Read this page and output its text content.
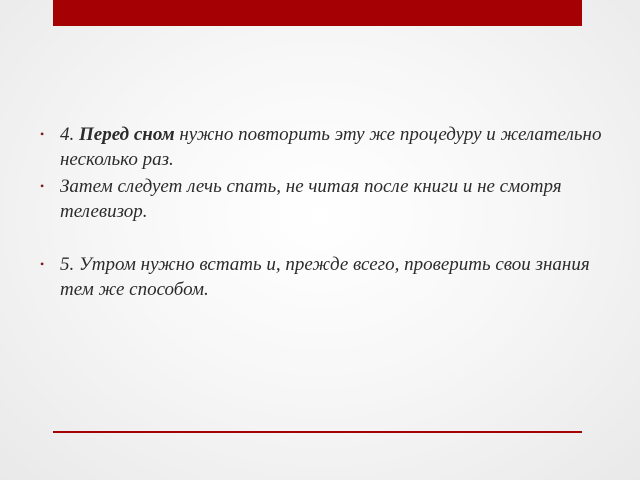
• 4. Перед сном нужно повторить эту же процедуру и желательно несколько раз.
• Затем следует лечь спать, не читая после книги и не смотря телевизор.
• 5. Утром нужно встать и, прежде всего, проверить свои знания тем же способом.
